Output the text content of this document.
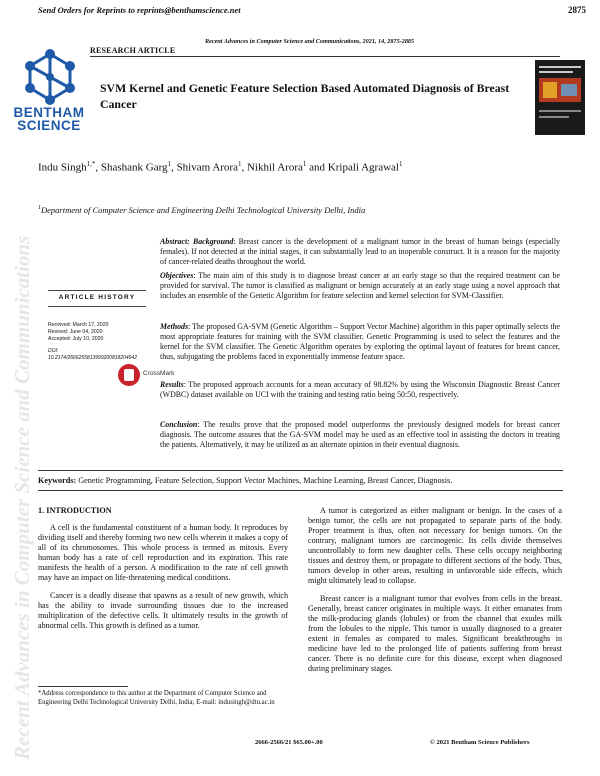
Send Orders for Reprints to reprints@benthamscience.net	2875
BENTHAM
SCIENCE
Recent Advances in Computer Science and Communications, 2021, 14, 2875-2885
RESEARCH ARTICLE
SVM Kernel and Genetic Feature Selection Based Automated Diagnosis of Breast Cancer
Indu Singh$^{1,*}$, Shashank Garg$^1$, Shivam Arora$^1$, Nikhil Arora$^1$ and Kripali Agrawal$^1$
$^1$Department of Computer Science and Engineering Delhi Technological University Delhi, India
Recent Advances in Computer Science and Communications	ARTICLE HISTORY
Received: March 17, 2020
Revised: June 04, 2020
Accepted: July 10, 2020
DOI:
10.2174/2666255813999200818204642
CrossMark
Abstract: Background: Breast cancer is the development of a malignant tumor in the breast of human beings (especially females). If not detected at the initial stages, it can substantially lead to an inoperable construct. It is a reason for the majority of cancer-related deaths throughout the world.
Objectives: The main aim of this study is to diagnose breast cancer at an early stage so that the required treatment can be provided for survival. The tumor is classified as malignant or benign accurately at an early stage using a novel approach that includes an ensemble of the Genetic Algorithm for feature selection and kernel selection for SVM-Classifier.
Methods: The proposed GA-SVM (Genetic Algorithm – Support Vector Machine) algorithm in this paper optimally selects the most appropriate features for training with the SVM classifier. Genetic Programming is used to select the features and the kernel for the SVM classifier. The Genetic Algorithm operates by exploring the optimal layout of features for breast cancer, thus, subjugating the problems faced in exponentially immense feature space.
Results: The proposed approach accounts for a mean accuracy of 98.82% by using the Wisconsin Diagnostic Breast Cancer (WDBC) dataset available on UCI with the training and testing ratio being 50:50, respectively.
Conclusion: The results prove that the proposed model outperforms the previously designed models for breast cancer diagnosis. The outcome assures that the GA-SVM model may be used as an effective tool in assisting the doctors in treating the patients. Alternatively, it may be utilized as an alternate opinion in their eventual diagnosis.
Keywords: Genetic Programming, Feature Selection, Support Vector Machines, Machine Learning, Breast Cancer, Diagnosis.
1. INTRODUCTION

A cell is the fundamental constituent of a human body. It reproduces by dividing itself and thereby forming two new cells wherein it makes a copy of all of its chromosomes. This whole process is termed as mitosis. Every human body has a rate of cell reproduction and its expiration. This rate manifests the health of a person. A modification to the rate of cell growth may have an impact on life-threatening medical conditions.

Cancer is a deadly disease that spawns as a result of new growth, which has the ability to invade surrounding tissues due to the increased multiplication of the defective cells. It ultimately results in the growth of abnormal cells. This growth is defined as a tumor.

A tumor is categorized as either malignant or benign. In the cases of a benign tumor, the cells are not propagated to separate parts of the body. Proper treatment is thus, often not necessary for benign tumors. On the contrary, malignant tumors are carcinogenic. Its cells divide themselves uncontrollably to form new daughter cells. These cells occupy neighboring tissues and destroy them, or propagate to different sections of the body. Thus, tumors develop in other areas, resulting in unfavorable side effects, which might ultimately lead to collapse.

Breast cancer is a malignant tumor that evolves from cells in the breast. Generally, breast cancer originates in multiple ways. It either emanates from the milk-producing glands (lobules) or from the channel that exudes milk from the lobules to the nipple. This tumor is usually diagnosed to a greater extent in females as compared to males. Significant breakthroughs in medicine have led to the prolonged life of patients suffering from breast cancer. There is no definite cure for this disease, except when diagnosed during preliminary stages.

*Address correspondence to this author at the Department of Computer Science and Engineering Delhi Technological University Delhi, India; E-mail: indusingh@dtu.ac.in
2666-2566/21 $65.00+.00	© 2021 Bentham Science Publishers
